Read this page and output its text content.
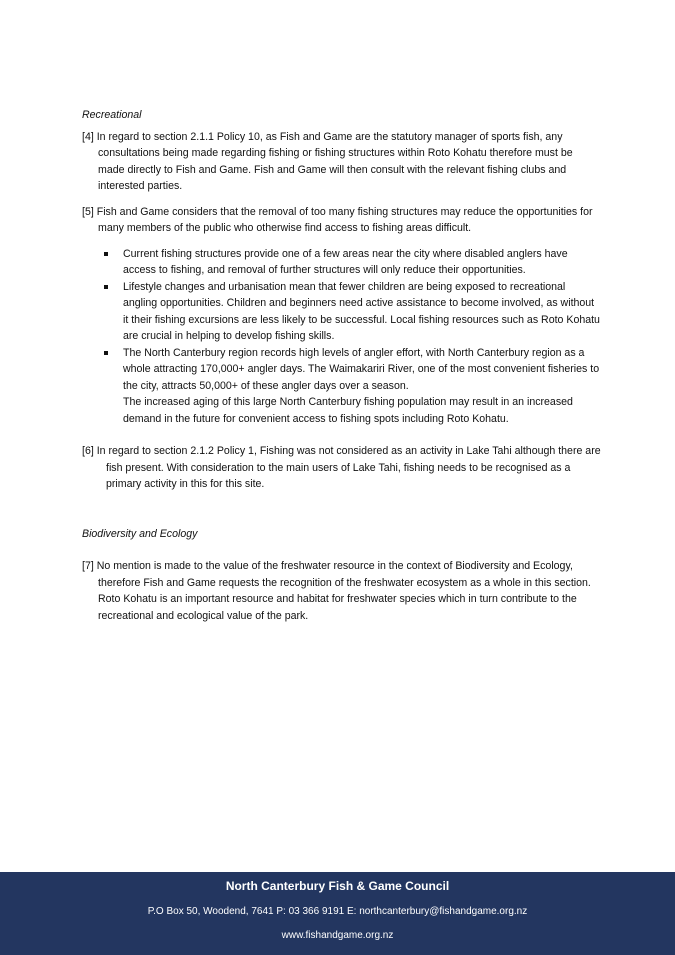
Recreational

[4] In regard to section 2.1.1 Policy 10, as Fish and Game are the statutory manager of sports fish, any consultations being made regarding fishing or fishing structures within Roto Kohatu therefore must be made directly to Fish and Game. Fish and Game will then consult with the relevant fishing clubs and interested parties.

[5] Fish and Game considers that the removal of too many fishing structures may reduce the opportunities for many members of the public who otherwise find access to fishing areas difficult.

Current fishing structures provide one of a few areas near the city where disabled anglers have access to fishing, and removal of further structures will only reduce their opportunities.
Lifestyle changes and urbanisation mean that fewer children are being exposed to recreational angling opportunities. Children and beginners need active assistance to become involved, as without it their fishing excursions are less likely to be successful. Local fishing resources such as Roto Kohatu are crucial in helping to develop fishing skills.
The North Canterbury region records high levels of angler effort, with North Canterbury region as a whole attracting 170,000+ angler days. The Waimakariri River, one of the most convenient fisheries to the city, attracts 50,000+ of these angler days over a season.
The increased aging of this large North Canterbury fishing population may result in an increased demand in the future for convenient access to fishing spots including Roto Kohatu.

[6] In regard to section 2.1.2 Policy 1, Fishing was not considered as an activity in Lake Tahi although there are fish present. With consideration to the main users of Lake Tahi, fishing needs to be recognised as a primary activity in this for this site.

Biodiversity and Ecology

[7] No mention is made to the value of the freshwater resource in the context of Biodiversity and Ecology, therefore Fish and Game requests the recognition of the freshwater ecosystem as a whole in this section. Roto Kohatu is an important resource and habitat for freshwater species which in turn contribute to the recreational and ecological value of the park.

North Canterbury Fish & Game Council
P.O Box 50, Woodend, 7641 P: 03 366 9191 E: northcanterbury@fishandgame.org.nz
www.fishandgame.org.nz
